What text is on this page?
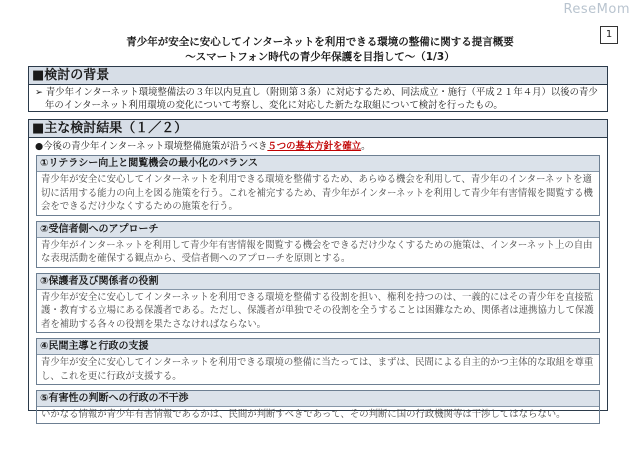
ReseMom
1
青少年が安全に安心してインターネットを利用できる環境の整備に関する提言概要
～スマートフォン時代の青少年保護を目指して～（1/3）
■検討の背景
➢ 青少年インターネット環境整備法の３年以内見直し（附則第３条）に対応するため、同法成立・施行（平成２１年４月）以後の青少年のインターネット利用環境の変化について考察し、変化に対応した新たな取組について検討を行ったもの。
■主な検討結果（１／２）
●今後の青少年インターネット環境整備施策が沿うべき５つの基本方針を確立。
①リテラシー向上と閲覧機会の最小化のバランス
青少年が安全に安心してインターネットを利用できる環境を整備するため、あらゆる機会を利用して、青少年のインターネットを適切に活用する能力の向上を図る施策を行う。これを補完するため、青少年がインターネットを利用して青少年有害情報を閲覧する機会をできるだけ少なくするための施策を行う。
②受信者側へのアプローチ
青少年がインターネットを利用して青少年有害情報を閲覧する機会をできるだけ少なくするための施策は、インターネット上の自由な表現活動を確保する観点から、受信者側へのアプローチを原則とする。
③保護者及び関係者の役割
青少年が安全に安心してインターネットを利用できる環境を整備する役割を担い、権利を持つのは、一義的にはその青少年を直接監護・教育する立場にある保護者である。ただし、保護者が単独でその役割を全うすることは困難なため、関係者は連携協力して保護者を補助する各々の役割を果たさなければならない。
④民間主導と行政の支援
青少年が安全に安心してインターネットを利用できる環境の整備に当たっては、まずは、民間による自主的かつ主体的な取組を尊重し、これを更に行政が支援する。
⑤有害性の判断への行政の不干渉
いかなる情報が青少年有害情報であるかは、民間が判断すべきであって、その判断に国の行政機関等は干渉してはならない。
